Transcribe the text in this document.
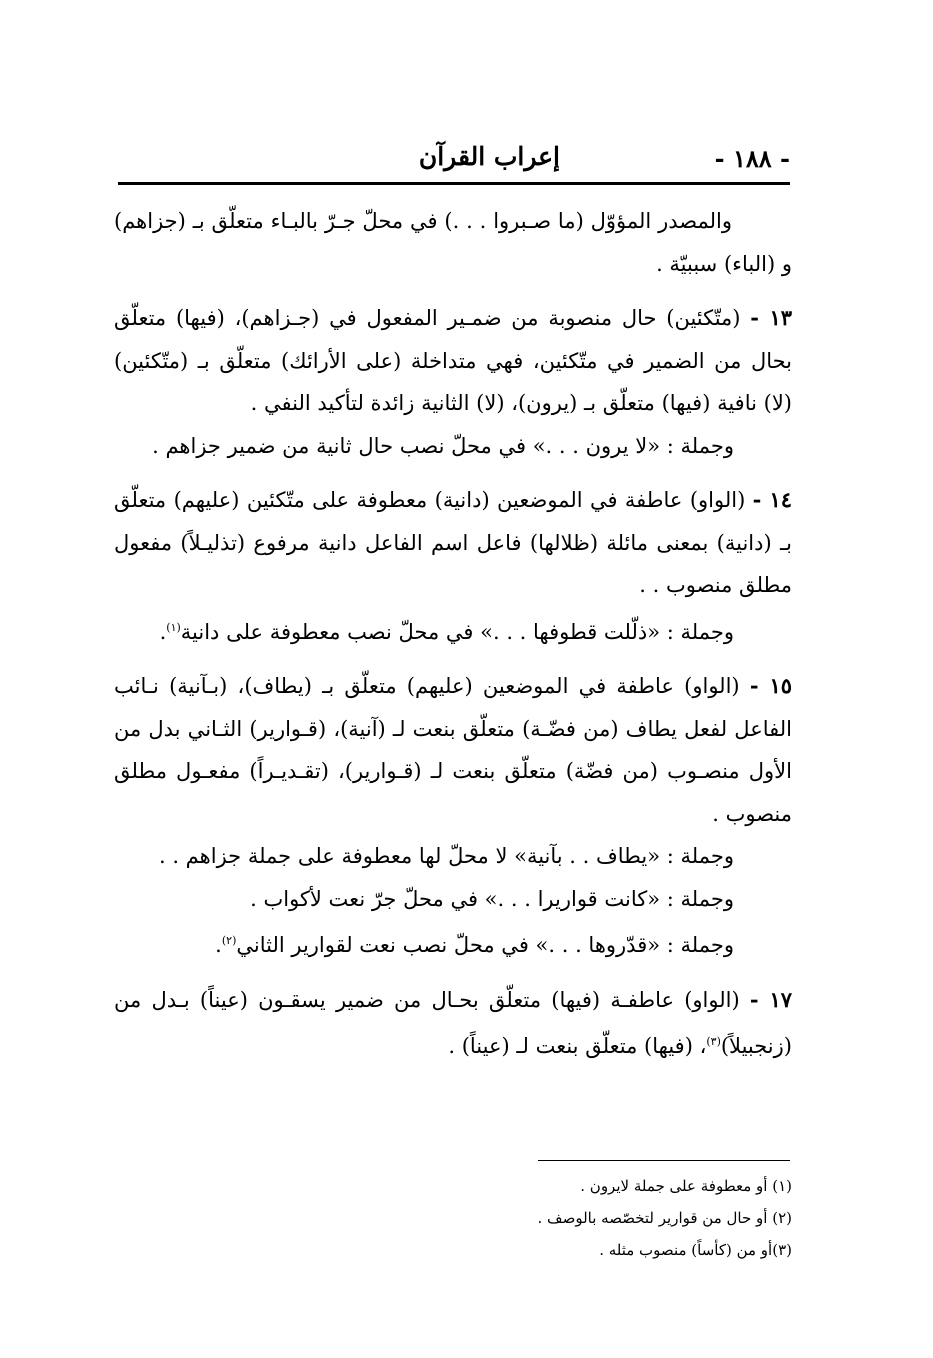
- ١٨٨ -
إعراب القرآن

والمصدر المؤوّل (ما صـبروا . . .) في محلّ جـرّ بالبـاء متعلّق بـ (جزاهم) و (الباء) سببيّة .

١٣ - (متّكئين) حال منصوبة من ضمـير المفعول في (جـزاهم)، (فيها) متعلّق بحال من الضمير في متّكئين، فهي متداخلة (على الأرائك) متعلّق بـ (متّكئين) (لا) نافية (فيها) متعلّق بـ (يرون)، (لا) الثانية زائدة لتأكيد النفي .

وجملة : «لا يرون . . .» في محلّ نصب حال ثانية من ضمير جزاهم .

١٤ - (الواو) عاطفة في الموضعين (دانية) معطوفة على متّكئين (عليهم) متعلّق بـ (دانية) بمعنى مائلة (ظلالها) فاعل اسم الفاعل دانية مرفوع (تذليـلاً) مفعول مطلق منصوب . .

وجملة : «ذلّلت قطوفها . . .» في محلّ نصب معطوفة على دانية$^{(١)}$.

١٥ - (الواو) عاطفة في الموضعين (عليهم) متعلّق بـ (يطاف)، (بـآنية) نـائب الفاعل لفعل يطاف (من فضّـة) متعلّق بنعت لـ (آنية)، (قـوارير) الثـاني بدل من الأول منصـوب (من فضّة) متعلّق بنعت لـ (قـوارير)، (تقـديـراً) مفعـول مطلق منصوب .

وجملة : «يطاف . . بآنية» لا محلّ لها معطوفة على جملة جزاهم . .

وجملة : «كانت قواريرا . . .» في محلّ جرّ نعت لأكواب .

وجملة : «قدّروها . . .» في محلّ نصب نعت لقوارير الثاني$^{(٢)}$.

١٧ - (الواو) عاطفـة (فيها) متعلّق بحـال من ضمير يسقـون (عيناً) بـدل من (زنجبيلاً)$^{(٣)}$، (فيها) متعلّق بنعت لـ (عيناً) .

(١) أو معطوفة على جملة لايرون .

(٢) أو حال من قوارير لتخصّصه بالوصف .

(٣)أو من (كأساً) منصوب مثله .
